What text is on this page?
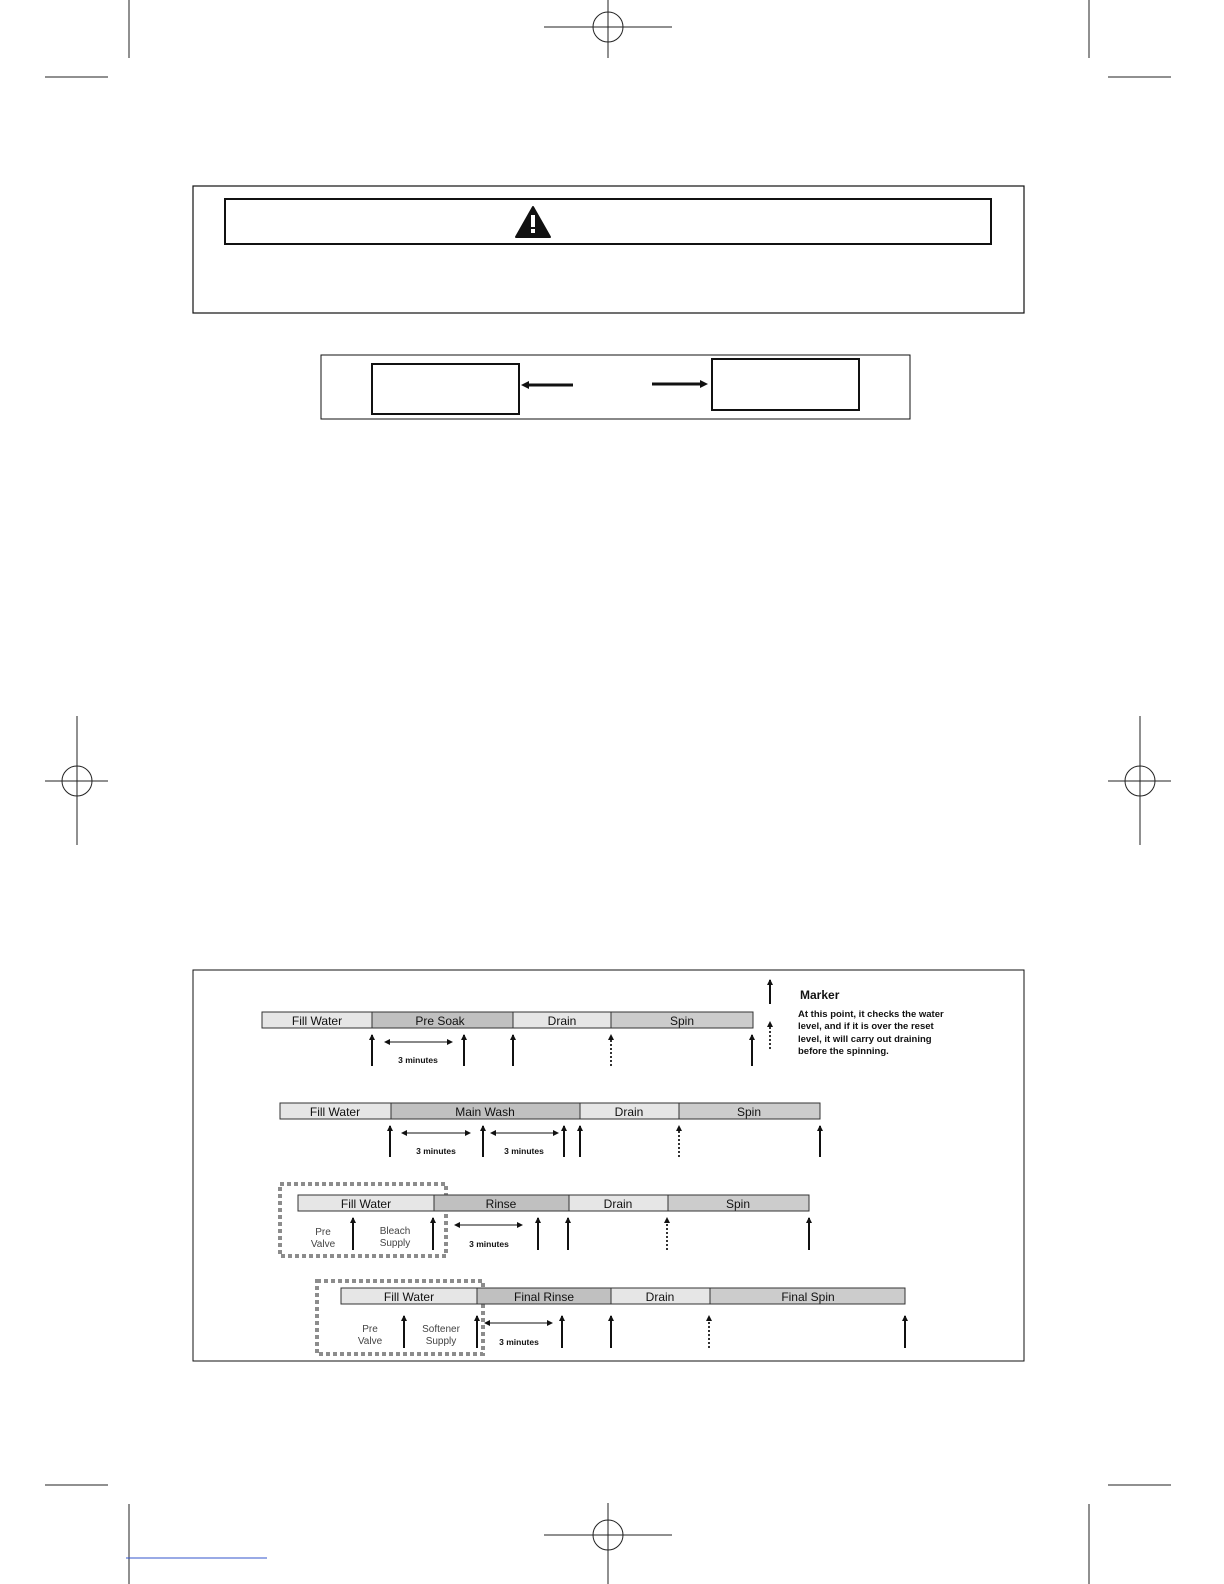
Marker
At this point, it checks the water
level, and if it is over the reset
level, it will carry out draining
before the spinning.
Fill Water	Pre Soak	Drain	Spin
3 minutes
Fill Water	Main Wash	Drain	Spin
3 minutes	3 minutes
Fill Water	Rinse	Drain	Spin
Pre
Valve
Bleach
Supply	3 minutes
Fill Water	Final Rinse	Drain	Final Spin
Pre
Valve
Softener
Supply	3 minutes
